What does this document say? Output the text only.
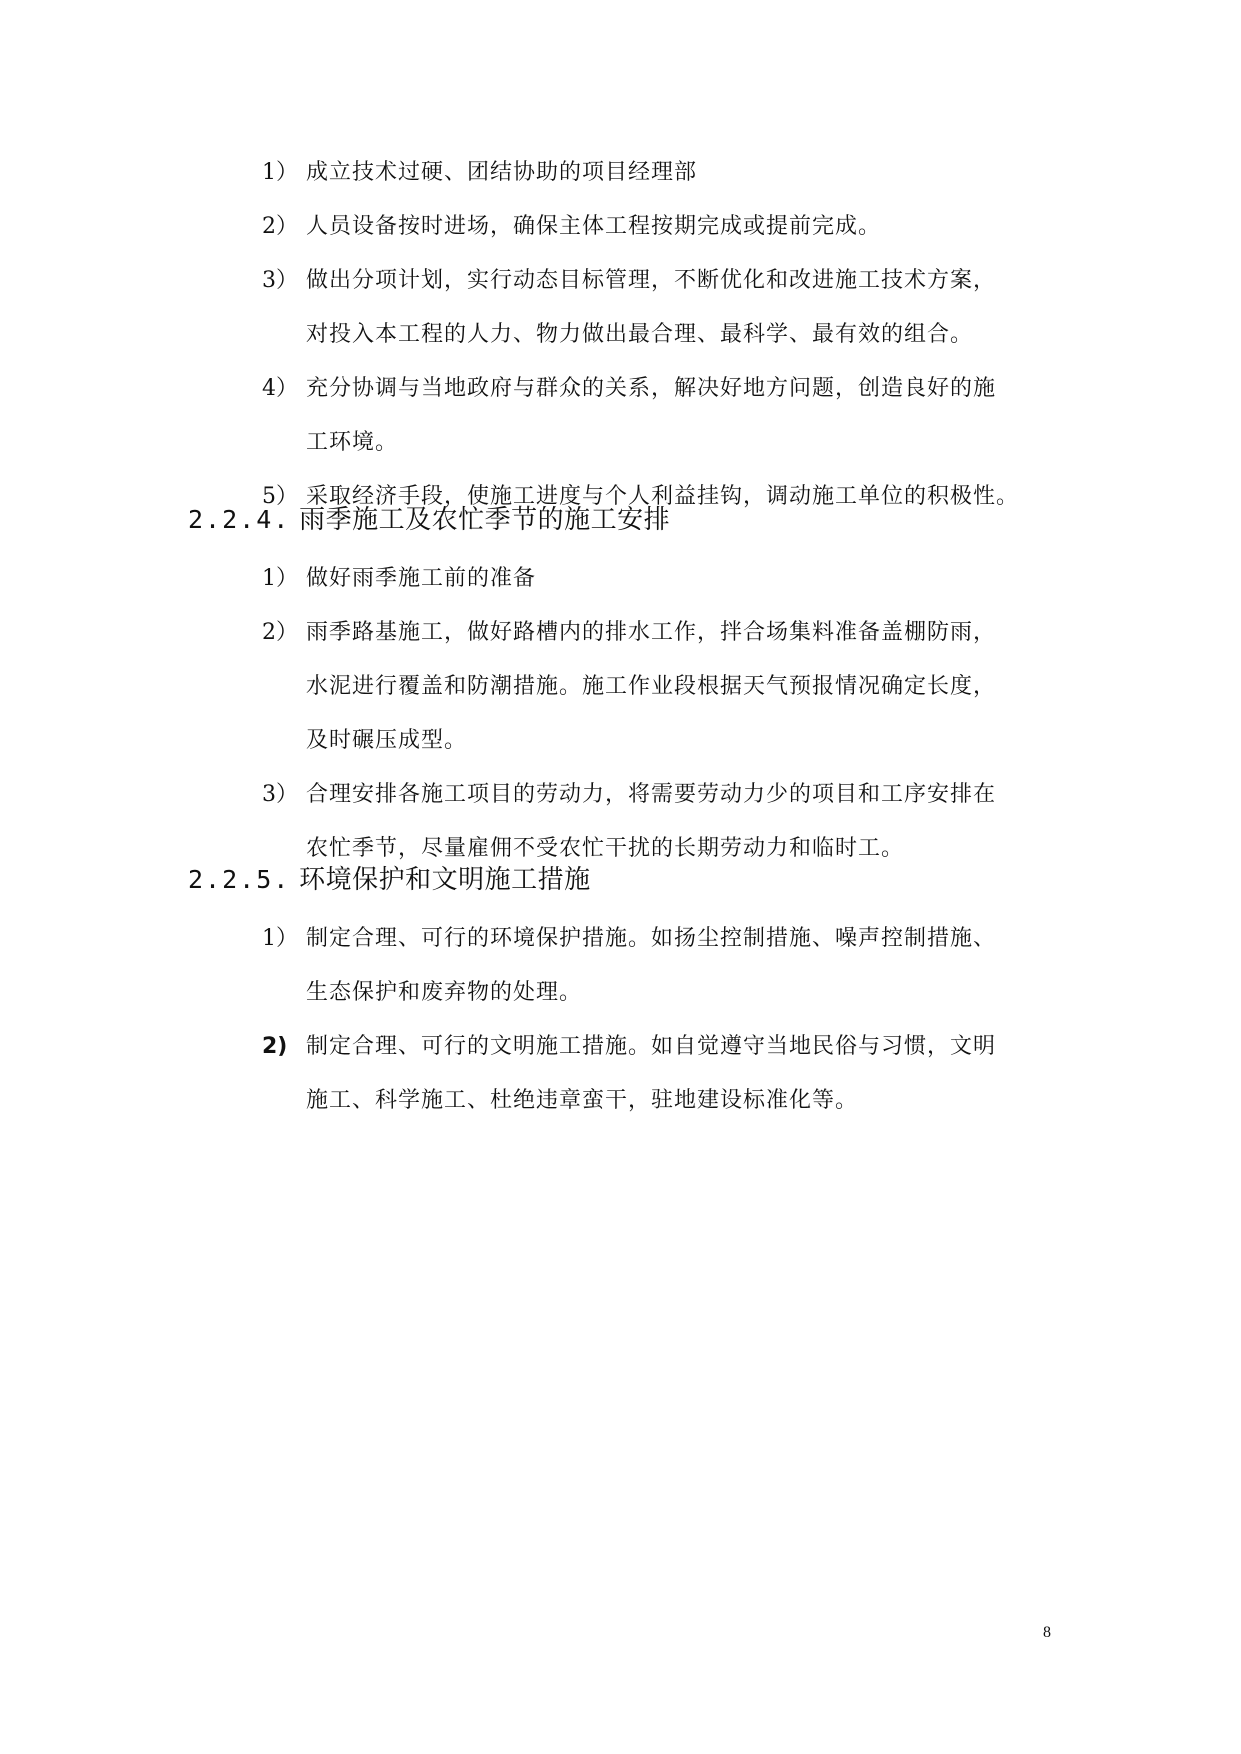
1） 成立技术过硬、团结协助的项目经理部
2） 人员设备按时进场，确保主体工程按期完成或提前完成。
3） 做出分项计划，实行动态目标管理，不断优化和改进施工技术方案，
对投入本工程的人力、物力做出最合理、最科学、最有效的组合。
4） 充分协调与当地政府与群众的关系，解决好地方问题，创造良好的施
工环境。
5） 采取经济手段，使施工进度与个人利益挂钩，调动施工单位的积极性。
2.2.4. 雨季施工及农忙季节的施工安排
1） 做好雨季施工前的准备
2） 雨季路基施工，做好路槽内的排水工作，拌合场集料准备盖棚防雨，
水泥进行覆盖和防潮措施。施工作业段根据天气预报情况确定长度，
及时碾压成型。
3） 合理安排各施工项目的劳动力，将需要劳动力少的项目和工序安排在
农忙季节，尽量雇佣不受农忙干扰的长期劳动力和临时工。
2.2.5. 环境保护和文明施工措施
1） 制定合理、可行的环境保护措施。如扬尘控制措施、噪声控制措施、
生态保护和废弃物的处理。
2) 制定合理、可行的文明施工措施。如自觉遵守当地民俗与习惯，文明
施工、科学施工、杜绝违章蛮干，驻地建设标准化等。
8
